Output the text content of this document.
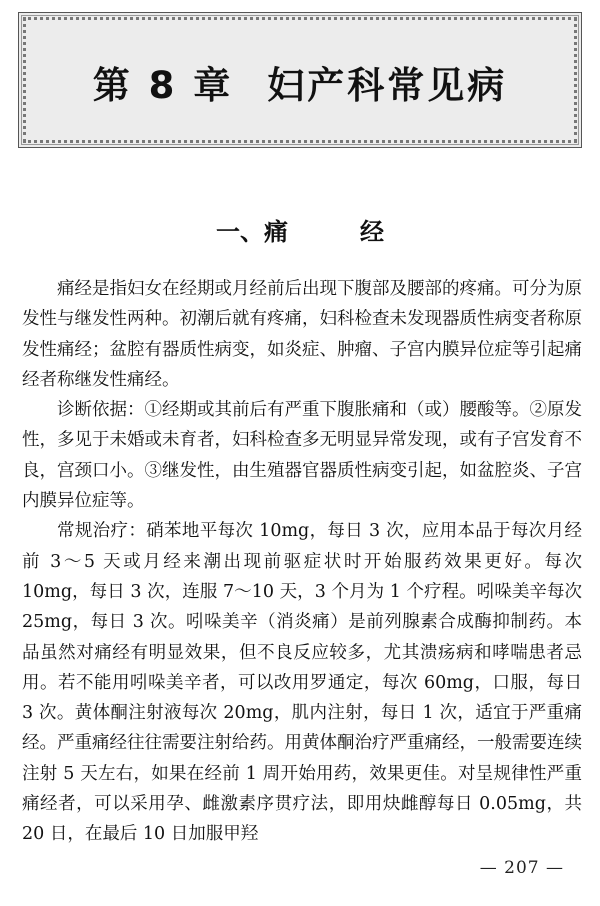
第 8 章 妇产科常见病
一、痛	经

痛经是指妇女在经期或月经前后出现下腹部及腰部的疼痛。可分为原发性与继发性两种。初潮后就有疼痛，妇科检查未发现器质性病变者称原发性痛经；盆腔有器质性病变，如炎症、肿瘤、子宫内膜异位症等引起痛经者称继发性痛经。

诊断依据：①经期或其前后有严重下腹胀痛和（或）腰酸等。②原发性，多见于未婚或未育者，妇科检查多无明显异常发现，或有子宫发育不良，宫颈口小。③继发性，由生殖器官器质性病变引起，如盆腔炎、子宫内膜异位症等。

常规治疗：硝苯地平每次 10mg，每日 3 次，应用本品于每次月经前 3～5 天或月经来潮出现前驱症状时开始服药效果更好。每次 10mg，每日 3 次，连服 7～10 天，3 个月为 1 个疗程。吲哚美辛每次 25mg，每日 3 次。吲哚美辛（消炎痛）是前列腺素合成酶抑制药。本品虽然对痛经有明显效果，但不良反应较多，尤其溃疡病和哮喘患者忌用。若不能用吲哚美辛者，可以改用罗通定，每次 60mg，口服，每日 3 次。黄体酮注射液每次 20mg，肌内注射，每日 1 次，适宜于严重痛经。严重痛经往往需要注射给药。用黄体酮治疗严重痛经，一般需要连续注射 5 天左右，如果在经前 1 周开始用药，效果更佳。对呈规律性严重痛经者，可以采用孕、雌激素序贯疗法，即用炔雌醇每日 0.05mg，共 20 日，在最后 10 日加服甲羟

— 207 —
